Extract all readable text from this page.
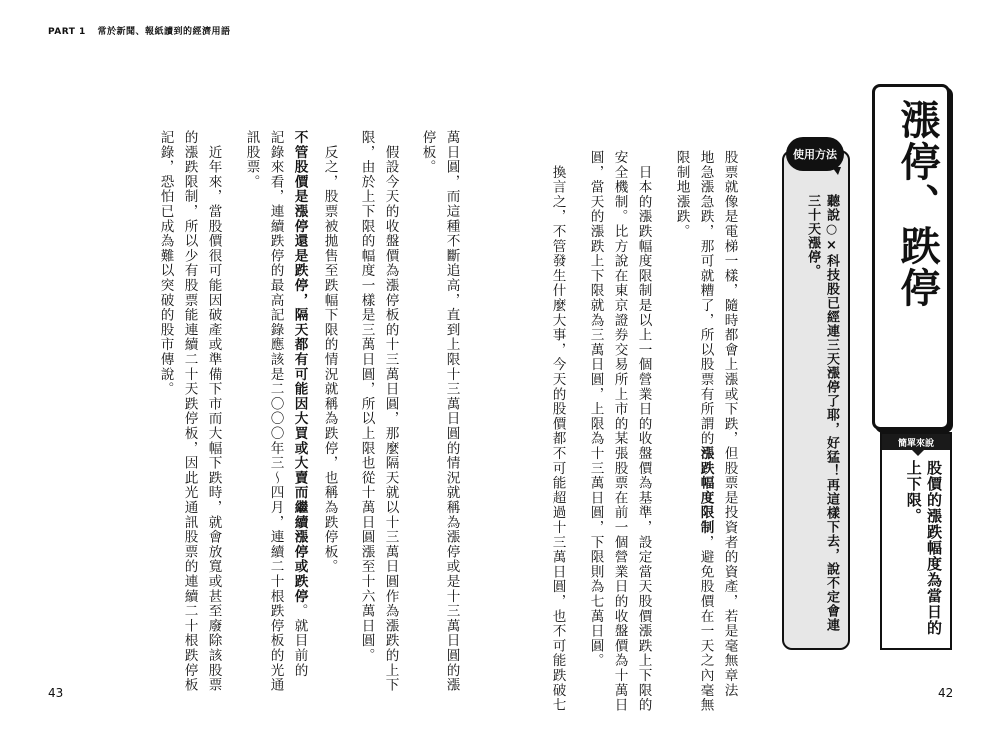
PART 1 常於新聞、報紙讀到的經濟用語
漲停、跌停
簡單來說
股價的漲跌幅度為當日的上下限。
聽說○×科技股已經連三天漲停了耶，好猛！再這樣下去，說不定會連三十天漲停。
使用方法
股票就像是電梯一樣，隨時都會上漲或下跌，但股票是投資者的資產，若是毫無章法
地急漲急跌，那可就糟了，所以股票有所謂的漲跌幅度限制，避免股價在一天之內毫無
限制地漲跌。
　日本的漲跌幅度限制是以上一個營業日的收盤價為基準，設定當天股價漲跌上下限的
安全機制。比方說在東京證券交易所上市的某張股票在前一個營業日的收盤價為十萬日
圓，當天的漲跌上下限就為三萬日圓，上限為十三萬日圓，下限則為七萬日圓。
　換言之，不管發生什麼大事，今天的股價都不可能超過十三萬日圓，也不可能跌破七
萬日圓，而這種不斷追高，直到上限十三萬日圓的情況就稱為漲停或是十三萬日圓的漲
停板。
　假設今天的收盤價為漲停板的十三萬日圓，那麼隔天就以十三萬日圓作為漲跌的上下
限，由於上下限的幅度一樣是三萬日圓，所以上限也從十萬日圓漲至十六萬日圓。
　反之，股票被拋售至跌幅下限的情況就稱為跌停，也稱為跌停板。
不管股價是漲停還是跌停，隔天都有可能因大買或大賣而繼續漲停或跌停。就目前的
記錄來看，連續跌停的最高記錄應該是二〇〇〇年三～四月，連續二十根跌停板的光通
訊股票。
　近年來，當股價很可能因破產或準備下市而大幅下跌時，就會放寬或甚至廢除該股票
的漲跌限制，所以少有股票能連續二十天跌停板，因此光通訊股票的連續二十根跌停板
記錄，恐怕已成為難以突破的股市傳說。
43	42
